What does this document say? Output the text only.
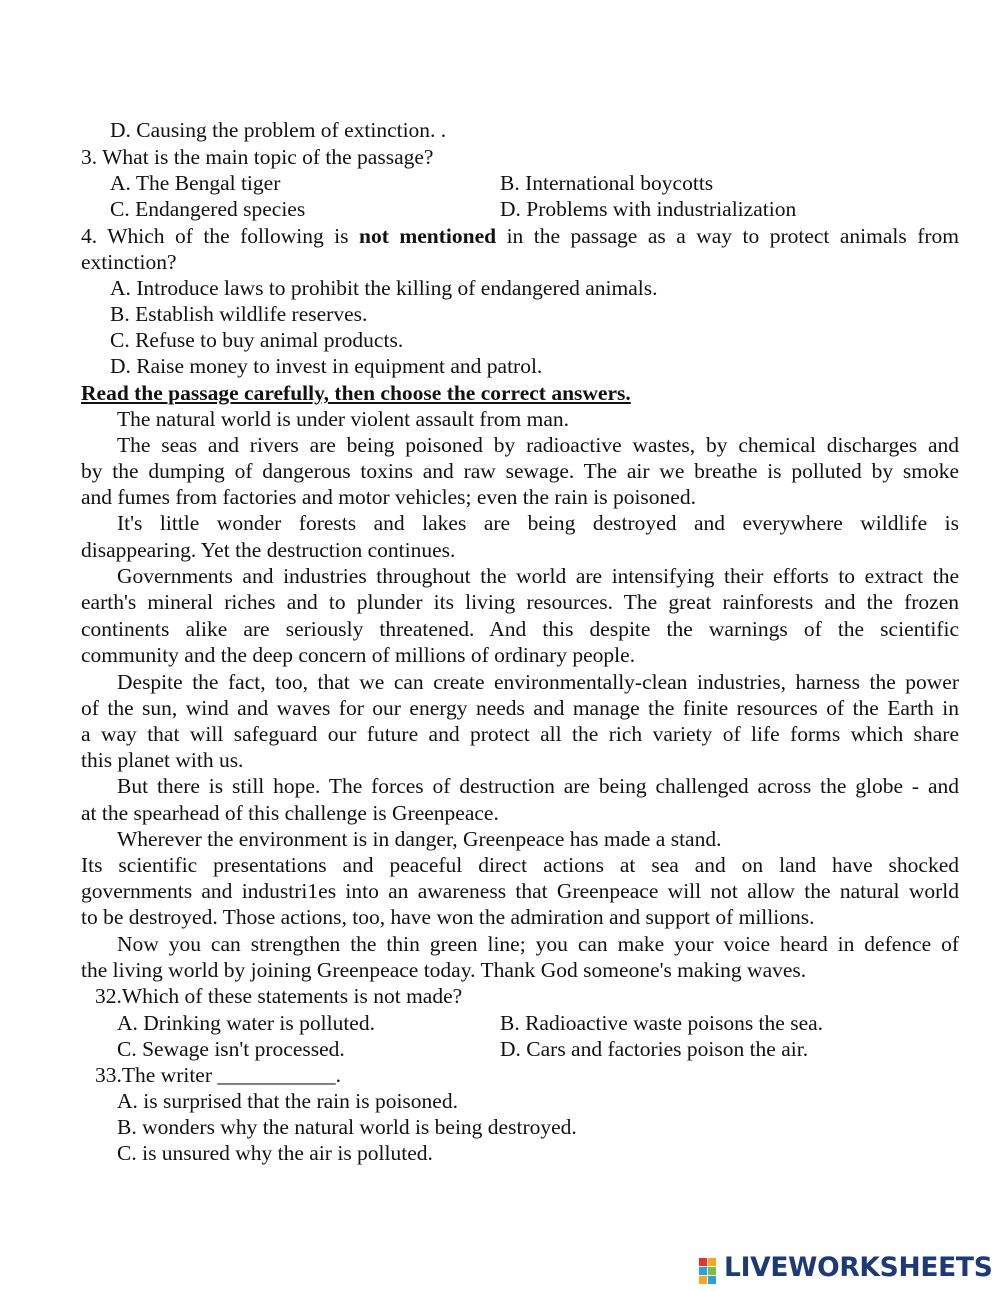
D. Causing the problem of extinction. .
3. What is the main topic of the passage?
A. The Bengal tiger	B. International boycotts
C. Endangered species	D. Problems with industrialization
4. Which of the following is not mentioned in the passage as a way to protect animals from
extinction?
A. Introduce laws to prohibit the killing of endangered animals.
B. Establish wildlife reserves.
C. Refuse to buy animal products.
D. Raise money to invest in equipment and patrol.
Read the passage carefully, then choose the correct answers.
The natural world is under violent assault from man.
The seas and rivers are being poisoned by radioactive wastes, by chemical discharges and
by the dumping of dangerous toxins and raw sewage. The air we breathe is polluted by smoke
and fumes from factories and motor vehicles; even the rain is poisoned.
It's little wonder forests and lakes are being destroyed and everywhere wildlife is
disappearing. Yet the destruction continues.
Governments and industries throughout the world are intensifying their efforts to extract the
earth's mineral riches and to plunder its living resources. The great rainforests and the frozen
continents alike are seriously threatened. And this despite the warnings of the scientific
community and the deep concern of millions of ordinary people.
Despite the fact, too, that we can create environmentally-clean industries, harness the power
of the sun, wind and waves for our energy needs and manage the finite resources of the Earth in
a way that will safeguard our future and protect all the rich variety of life forms which share
this planet with us.
But there is still hope. The forces of destruction are being challenged across the globe - and
at the spearhead of this challenge is Greenpeace.
Wherever the environment is in danger, Greenpeace has made a stand.
Its scientific presentations and peaceful direct actions at sea and on land have shocked
governments and industri1es into an awareness that Greenpeace will not allow the natural world
to be destroyed. Those actions, too, have won the admiration and support of millions.
Now you can strengthen the thin green line; you can make your voice heard in defence of
the living world by joining Greenpeace today. Thank God someone's making waves.
32.Which of these statements is not made?
A. Drinking water is polluted.	B. Radioactive waste poisons the sea.
C. Sewage isn't processed.	D. Cars and factories poison the air.
33.The writer ___________.
A. is surprised that the rain is poisoned.
B. wonders why the natural world is being destroyed.
C. is unsured why the air is polluted.
LIVEWORKSHEETS
